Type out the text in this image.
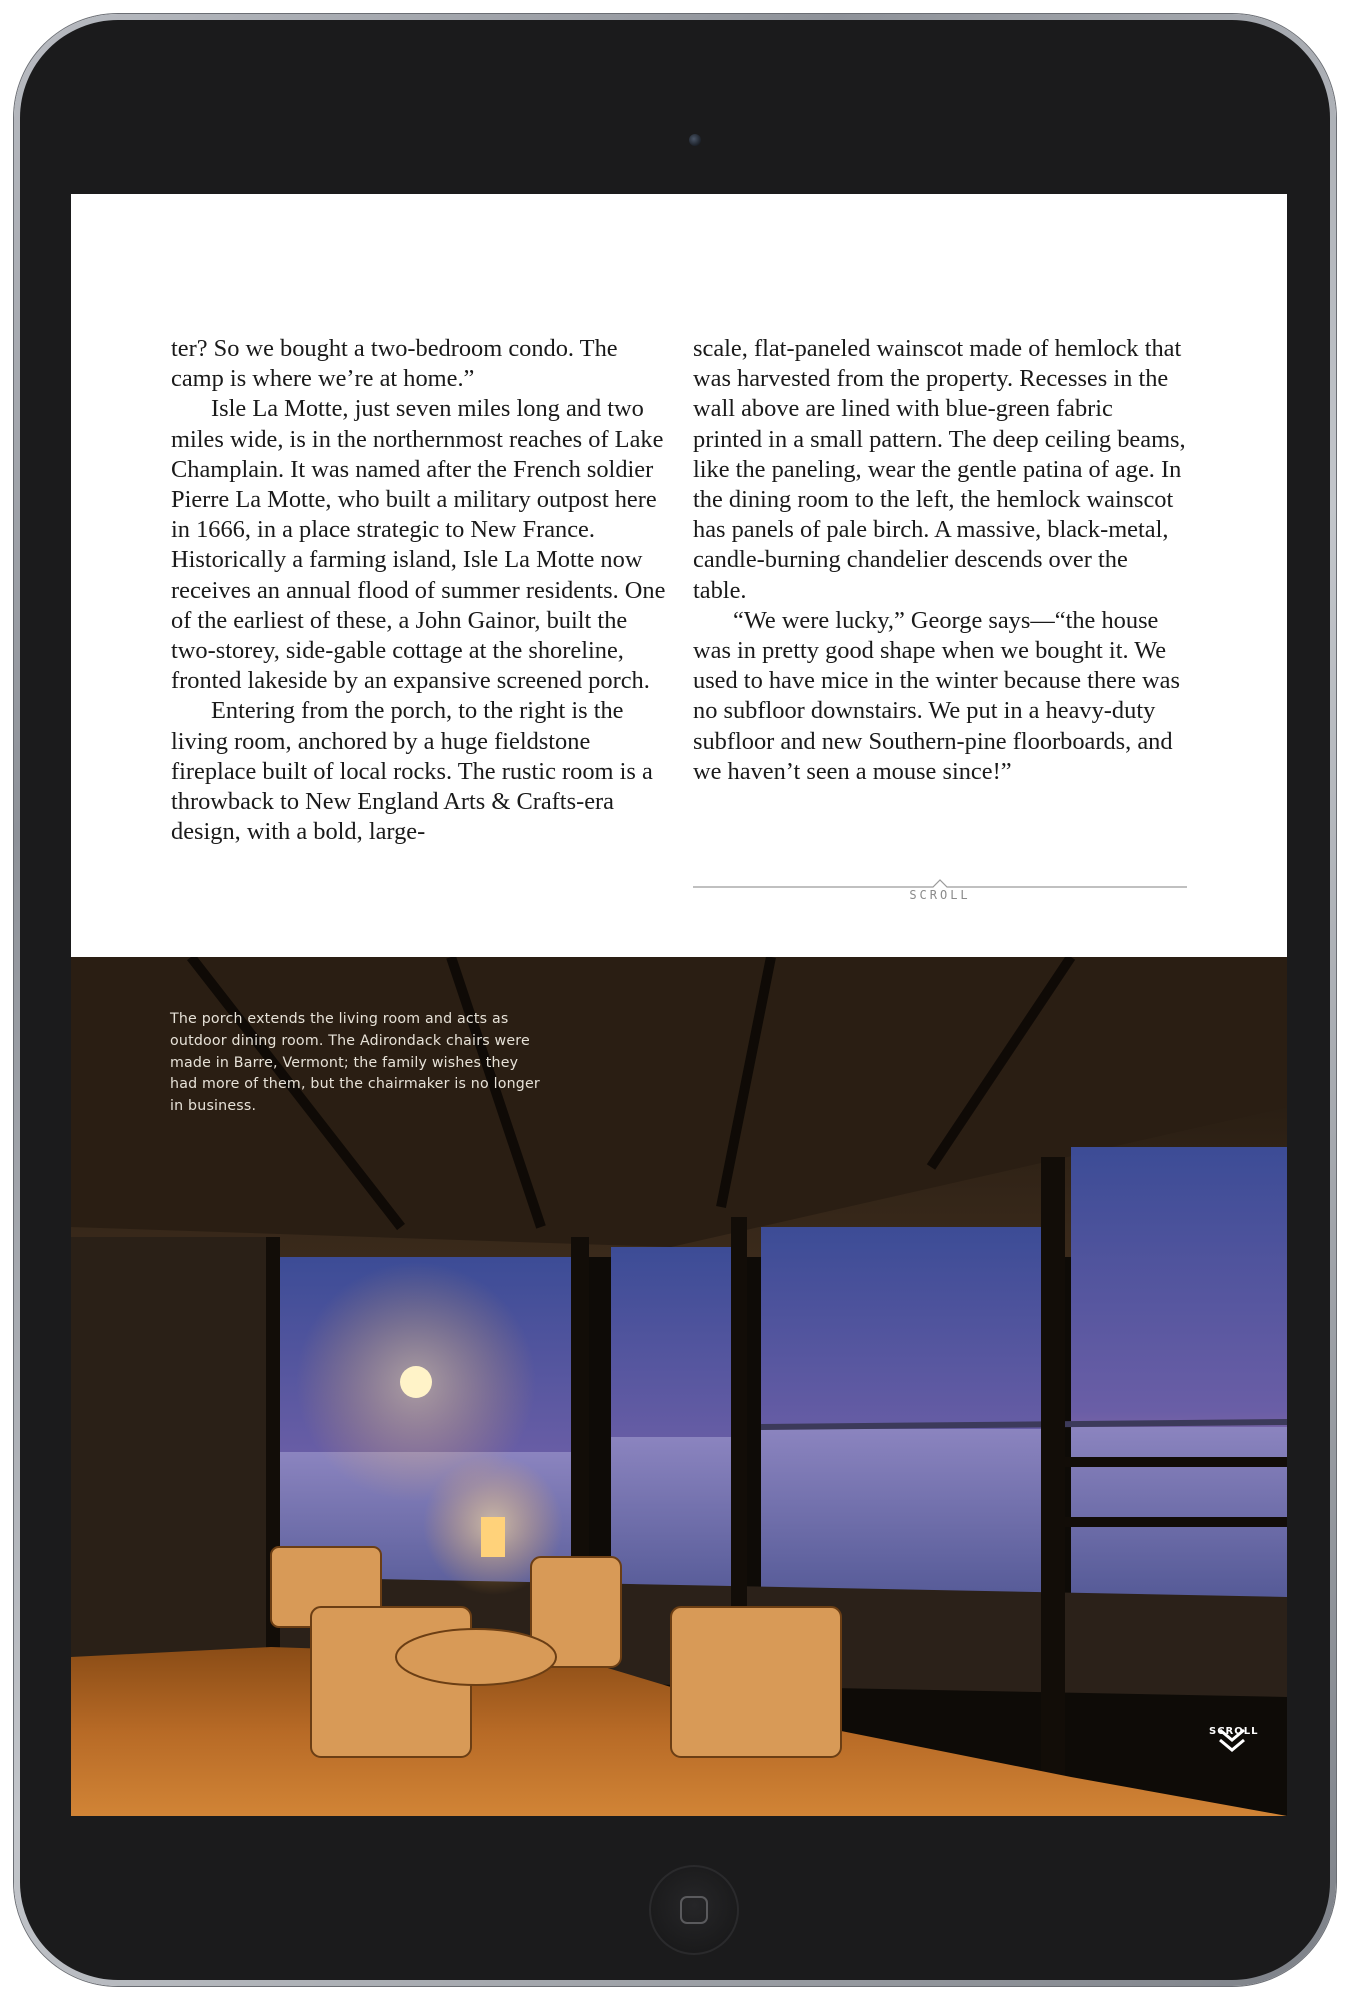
ter? So we bought a two-bedroom condo. The camp is where we’re at home.”

Isle La Motte, just seven miles long and two miles wide, is in the northernmost reaches of Lake Champlain. It was named after the French soldier Pierre La Motte, who built a military outpost here in 1666, in a place strategic to New France. Historically a farming island, Isle La Motte now receives an annual flood of summer residents. One of the earliest of these, a John Gainor, built the two-storey, side-gable cottage at the shoreline, fronted lakeside by an expansive screened porch.

Entering from the porch, to the right is the living room, anchored by a huge fieldstone fireplace built of local rocks. The rustic room is a throwback to New England Arts & Crafts-era design, with a bold, large-

scale, flat-paneled wainscot made of hemlock that was harvested from the property. Recesses in the wall above are lined with blue-green fabric printed in a small pattern. The deep ceiling beams, like the paneling, wear the gentle patina of age. In the dining room to the left, the hemlock wainscot has panels of pale birch. A massive, black-metal, candle-burning chandelier descends over the table.

“We were lucky,” George says—“the house was in pretty good shape when we bought it. We used to have mice in the winter because there was no subfloor downstairs. We put in a heavy-duty subfloor and new Southern-pine floorboards, and we haven’t seen a mouse since!”

SCROLL
The porch extends the living room and acts as outdoor dining room. The Adirondack chairs were made in Barre, Vermont; the family wishes they had more of them, but the chairmaker is no longer in business.
SCROLL
